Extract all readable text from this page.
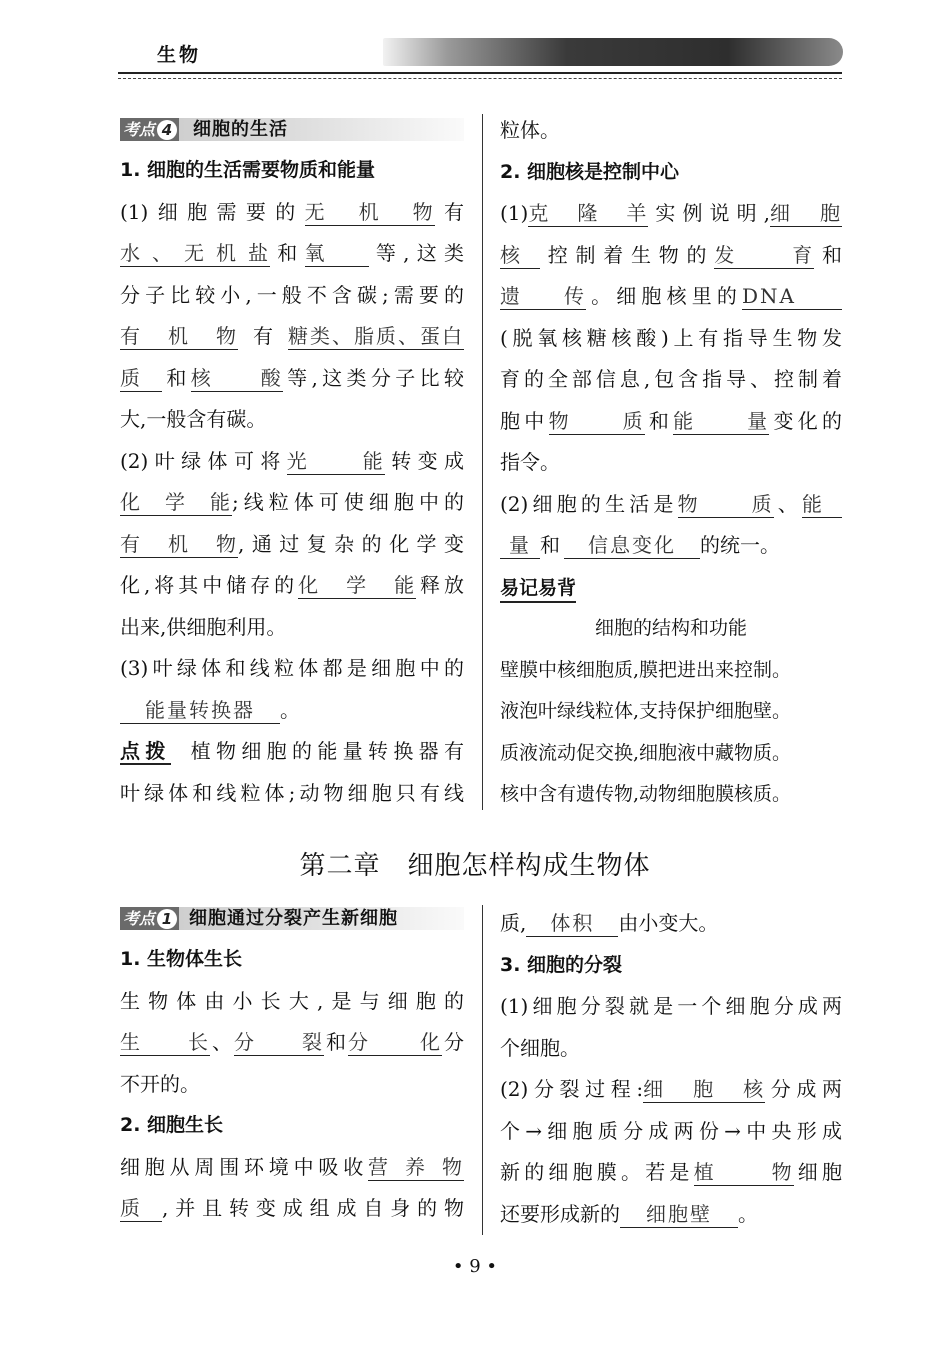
生物
考点 4 细胞的生活

1. 细胞的生活需要物质和能量

(1)细胞需要的无机物有

水、无机盐和氧 等,这类

分子比较小,一般不含碳;需要的

有机物有糖类、脂质、蛋白

质 和核酸等,这类分子比较

大,一般含有碳。

(2)叶绿体可将光能转变成

化学能;线粒体可使细胞中的

有机物,通过复杂的化学变

化,将其中储存的化学能释放

出来,供细胞利用。

(3)叶绿体和线粒体都是细胞中的

能量转换器 。

点拨 植物细胞的能量转换器有

叶绿体和线粒体;动物细胞只有线

粒体。

2. 细胞核是控制中心

(1)克隆羊实例说明,细胞

核 控制着生物的发育和

遗传。细胞核里的DNA

(脱氧核糖核酸)上有指导生物发

育的全部信息,包含指导、控制着

胞中物质和能量变化的

指令。

(2)细胞的生活是物质、能

量 和 信息变化 的统一。

易记易背

细胞的结构和功能

壁膜中核细胞质,膜把进出来控制。

液泡叶绿线粒体,支持保护细胞壁。

质液流动促交换,细胞液中藏物质。

核中含有遗传物,动物细胞膜核质。

第二章　细胞怎样构成生物体
考点 1 细胞通过分裂产生新细胞

1. 生物体生长

生物体由小长大,是与细胞的

生长、分裂和分化分

不开的。

2. 细胞生长

细胞从周围环境中吸收营养物

质 ,并且转变成组成自身的物

质, 体积 由小变大。

3. 细胞的分裂

(1)细胞分裂就是一个细胞分成两

个细胞。

(2)分裂过程:细胞核分成两

个→细胞质分成两份→中央形成

新的细胞膜。若是植物细胞

还要形成新的 细胞壁 。

• 9 •
